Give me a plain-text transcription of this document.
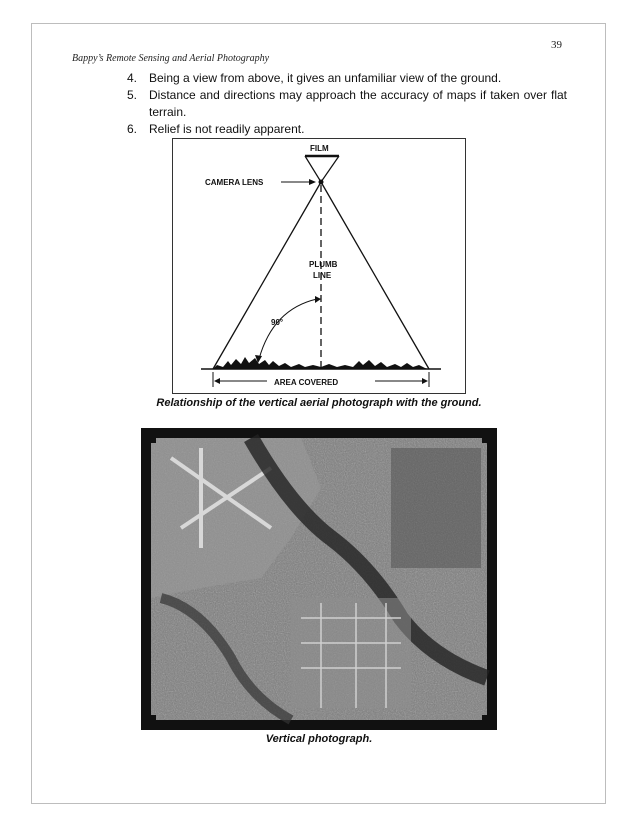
39
Bappy’s Remote Sensing and Aerial Photography
4. Being a view from above, it gives an unfamiliar view of the ground.
5. Distance and directions may approach the accuracy of maps if taken over flat terrain.
6. Relief is not readily apparent.
FILM
CAMERA LENS
PLUMB
LINE
90°
AREA COVERED
Relationship of the vertical aerial photograph with the ground.
Vertical photograph.
